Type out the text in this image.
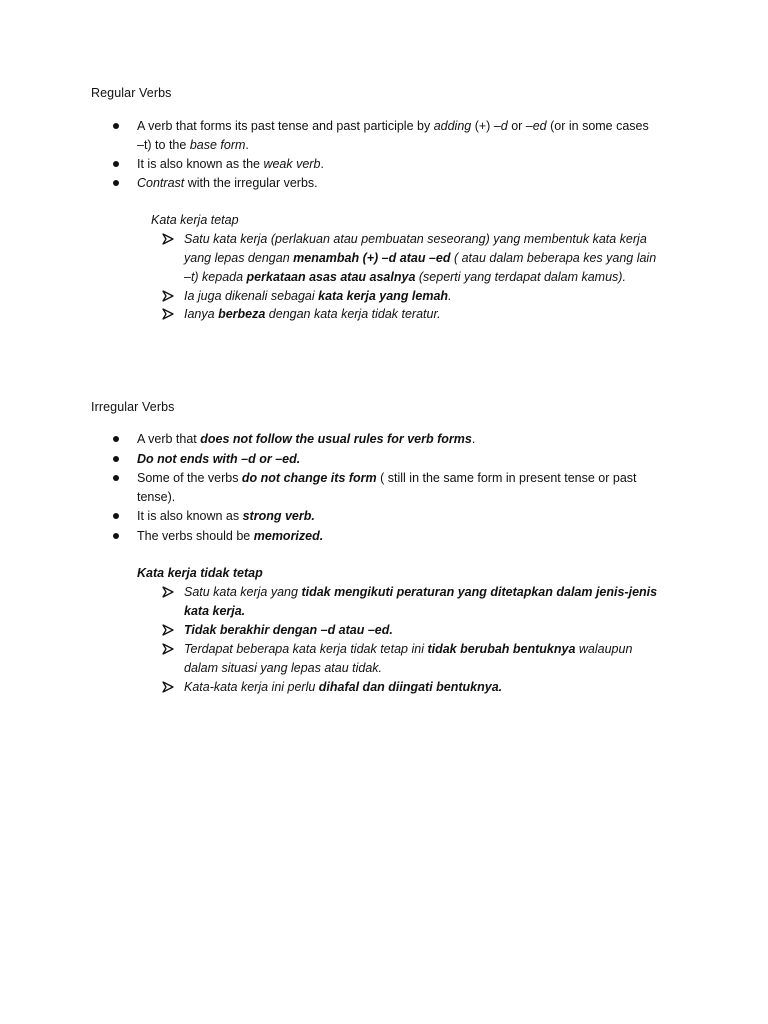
Regular Verbs
A verb that forms its past tense and past participle by adding (+) –d or –ed (or in some cases
–t) to the base form.
It is also known as the weak verb.
Contrast with the irregular verbs.
Kata kerja tetap
Satu kata kerja (perlakuan atau pembuatan seseorang) yang membentuk kata kerja
yang lepas dengan menambah (+) –d atau –ed ( atau dalam beberapa kes yang lain
–t) kepada perkataan asas atau asalnya (seperti yang terdapat dalam kamus).
Ia juga dikenali sebagai kata kerja yang lemah.
Ianya berbeza dengan kata kerja tidak teratur.
Irregular Verbs
A verb that does not follow the usual rules for verb forms.
Do not ends with –d or –ed.
Some of the verbs do not change its form ( still in the same form in present tense or past
tense).
It is also known as strong verb.
The verbs should be memorized.
Kata kerja tidak tetap
Satu kata kerja yang tidak mengikuti peraturan yang ditetapkan dalam jenis-jenis
kata kerja.
Tidak berakhir dengan –d atau –ed.
Terdapat beberapa kata kerja tidak tetap ini tidak berubah bentuknya walaupun
dalam situasi yang lepas atau tidak.
Kata-kata kerja ini perlu dihafal dan diingati bentuknya.
